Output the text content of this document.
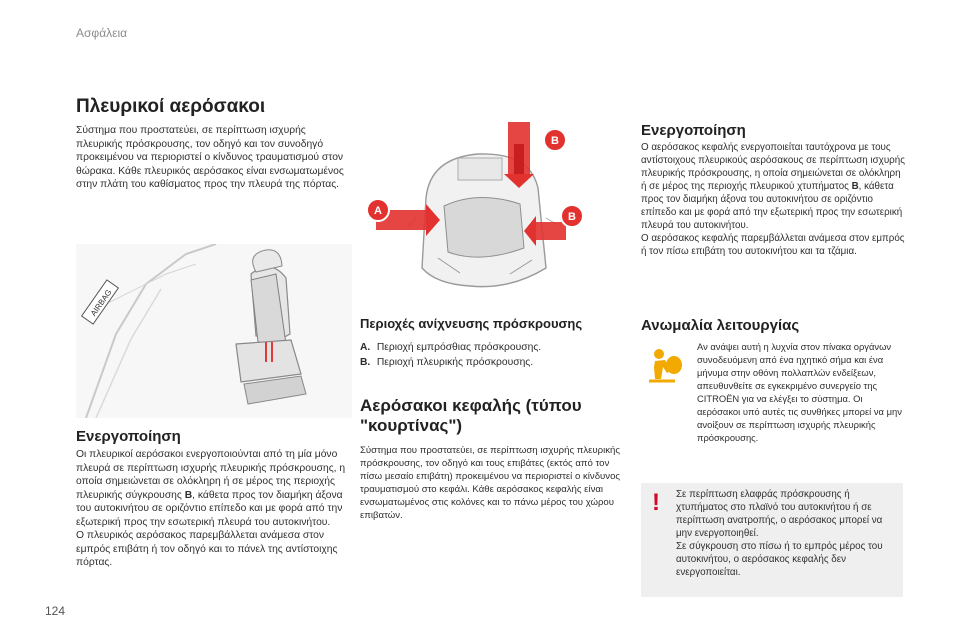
Ασφάλεια
Πλευρικοί αερόσακοι

Σύστημα που προστατεύει, σε περίπτωση ισχυρής πλευρικής πρόσκρουσης, τον οδηγό και τον συνοδηγό προκειμένου να περιοριστεί ο κίνδυνος τραυματισμού στον θώρακα. Κάθε πλευρικός αερόσακος είναι ενσωματωμένος στην πλάτη του καθίσματος προς την πλευρά της πόρτας.

AIRBAG
Ενεργοποίηση

Οι πλευρικοί αερόσακοι ενεργοποιούνται από τη μία μόνο πλευρά σε περίπτωση ισχυρής πλευρικής πρόσκρουσης, η οποία σημειώνεται σε ολόκληρη ή σε μέρος της περιοχής πλευρικής σύγκρουσης B, κάθετα προς τον διαμήκη άξονα του αυτοκινήτου σε οριζόντιο επίπεδο και με φορά από την εξωτερική προς την εσωτερική πλευρά του αυτοκινήτου.

Ο πλευρικός αερόσακος παρεμβάλλεται ανάμεσα στον εμπρός επιβάτη ή τον οδηγό και το πάνελ της αντίστοιχης πόρτας.

B
A	B
Περιοχές ανίχνευσης πρόσκρουσης
A. Περιοχή εμπρόσθιας πρόσκρουσης.
B. Περιοχή πλευρικής πρόσκρουσης.
Αερόσακοι κεφαλής (τύπου "κουρτίνας")

Σύστημα που προστατεύει, σε περίπτωση ισχυρής πλευρικής πρόσκρουσης, τον οδηγό και τους επιβάτες (εκτός από τον πίσω μεσαίο επιβάτη) προκειμένου να περιοριστεί ο κίνδυνος τραυματισμού στο κεφάλι. Κάθε αερόσακος κεφαλής είναι ενσωματωμένος στις κολόνες και το πάνω μέρος του χώρου επιβατών.

Ενεργοποίηση

Ο αερόσακος κεφαλής ενεργοποιείται ταυτόχρονα με τους αντίστοιχους πλευρικούς αερόσακους σε περίπτωση ισχυρής πλευρικής πρόσκρουσης, η οποία σημειώνεται σε ολόκληρη ή σε μέρος της περιοχής πλευρικού χτυπήματος B, κάθετα προς τον διαμήκη άξονα του αυτοκινήτου σε οριζόντιο επίπεδο και με φορά από την εξωτερική προς την εσωτερική πλευρά του αυτοκινήτου.

Ο αερόσακος κεφαλής παρεμβάλλεται ανάμεσα στον εμπρός ή τον πίσω επιβάτη του αυτοκινήτου και τα τζάμια.

Ανωμαλία λειτουργίας

Αν ανάψει αυτή η λυχνία στον πίνακα οργάνων συνοδευόμενη από ένα ηχητικό σήμα και ένα μήνυμα στην οθόνη πολλαπλών ενδείξεων, απευθυνθείτε σε εγκεκριμένο συνεργείο της CITROËN για να ελέγξει το σύστημα. Οι αερόσακοι υπό αυτές τις συνθήκες μπορεί να μην ανοίξουν σε περίπτωση ισχυρής πλευρικής πρόσκρουσης.

!	Σε περίπτωση ελαφράς πρόσκρουσης ή χτυπήματος στο πλαϊνό του αυτοκινήτου ή σε περίπτωση ανατροπής, ο αερόσακος μπορεί να μην ενεργοποιηθεί.

Σε σύγκρουση στο πίσω ή το εμπρός μέρος του αυτοκινήτου, ο αερόσακος κεφαλής δεν ενεργοποιείται.

124
